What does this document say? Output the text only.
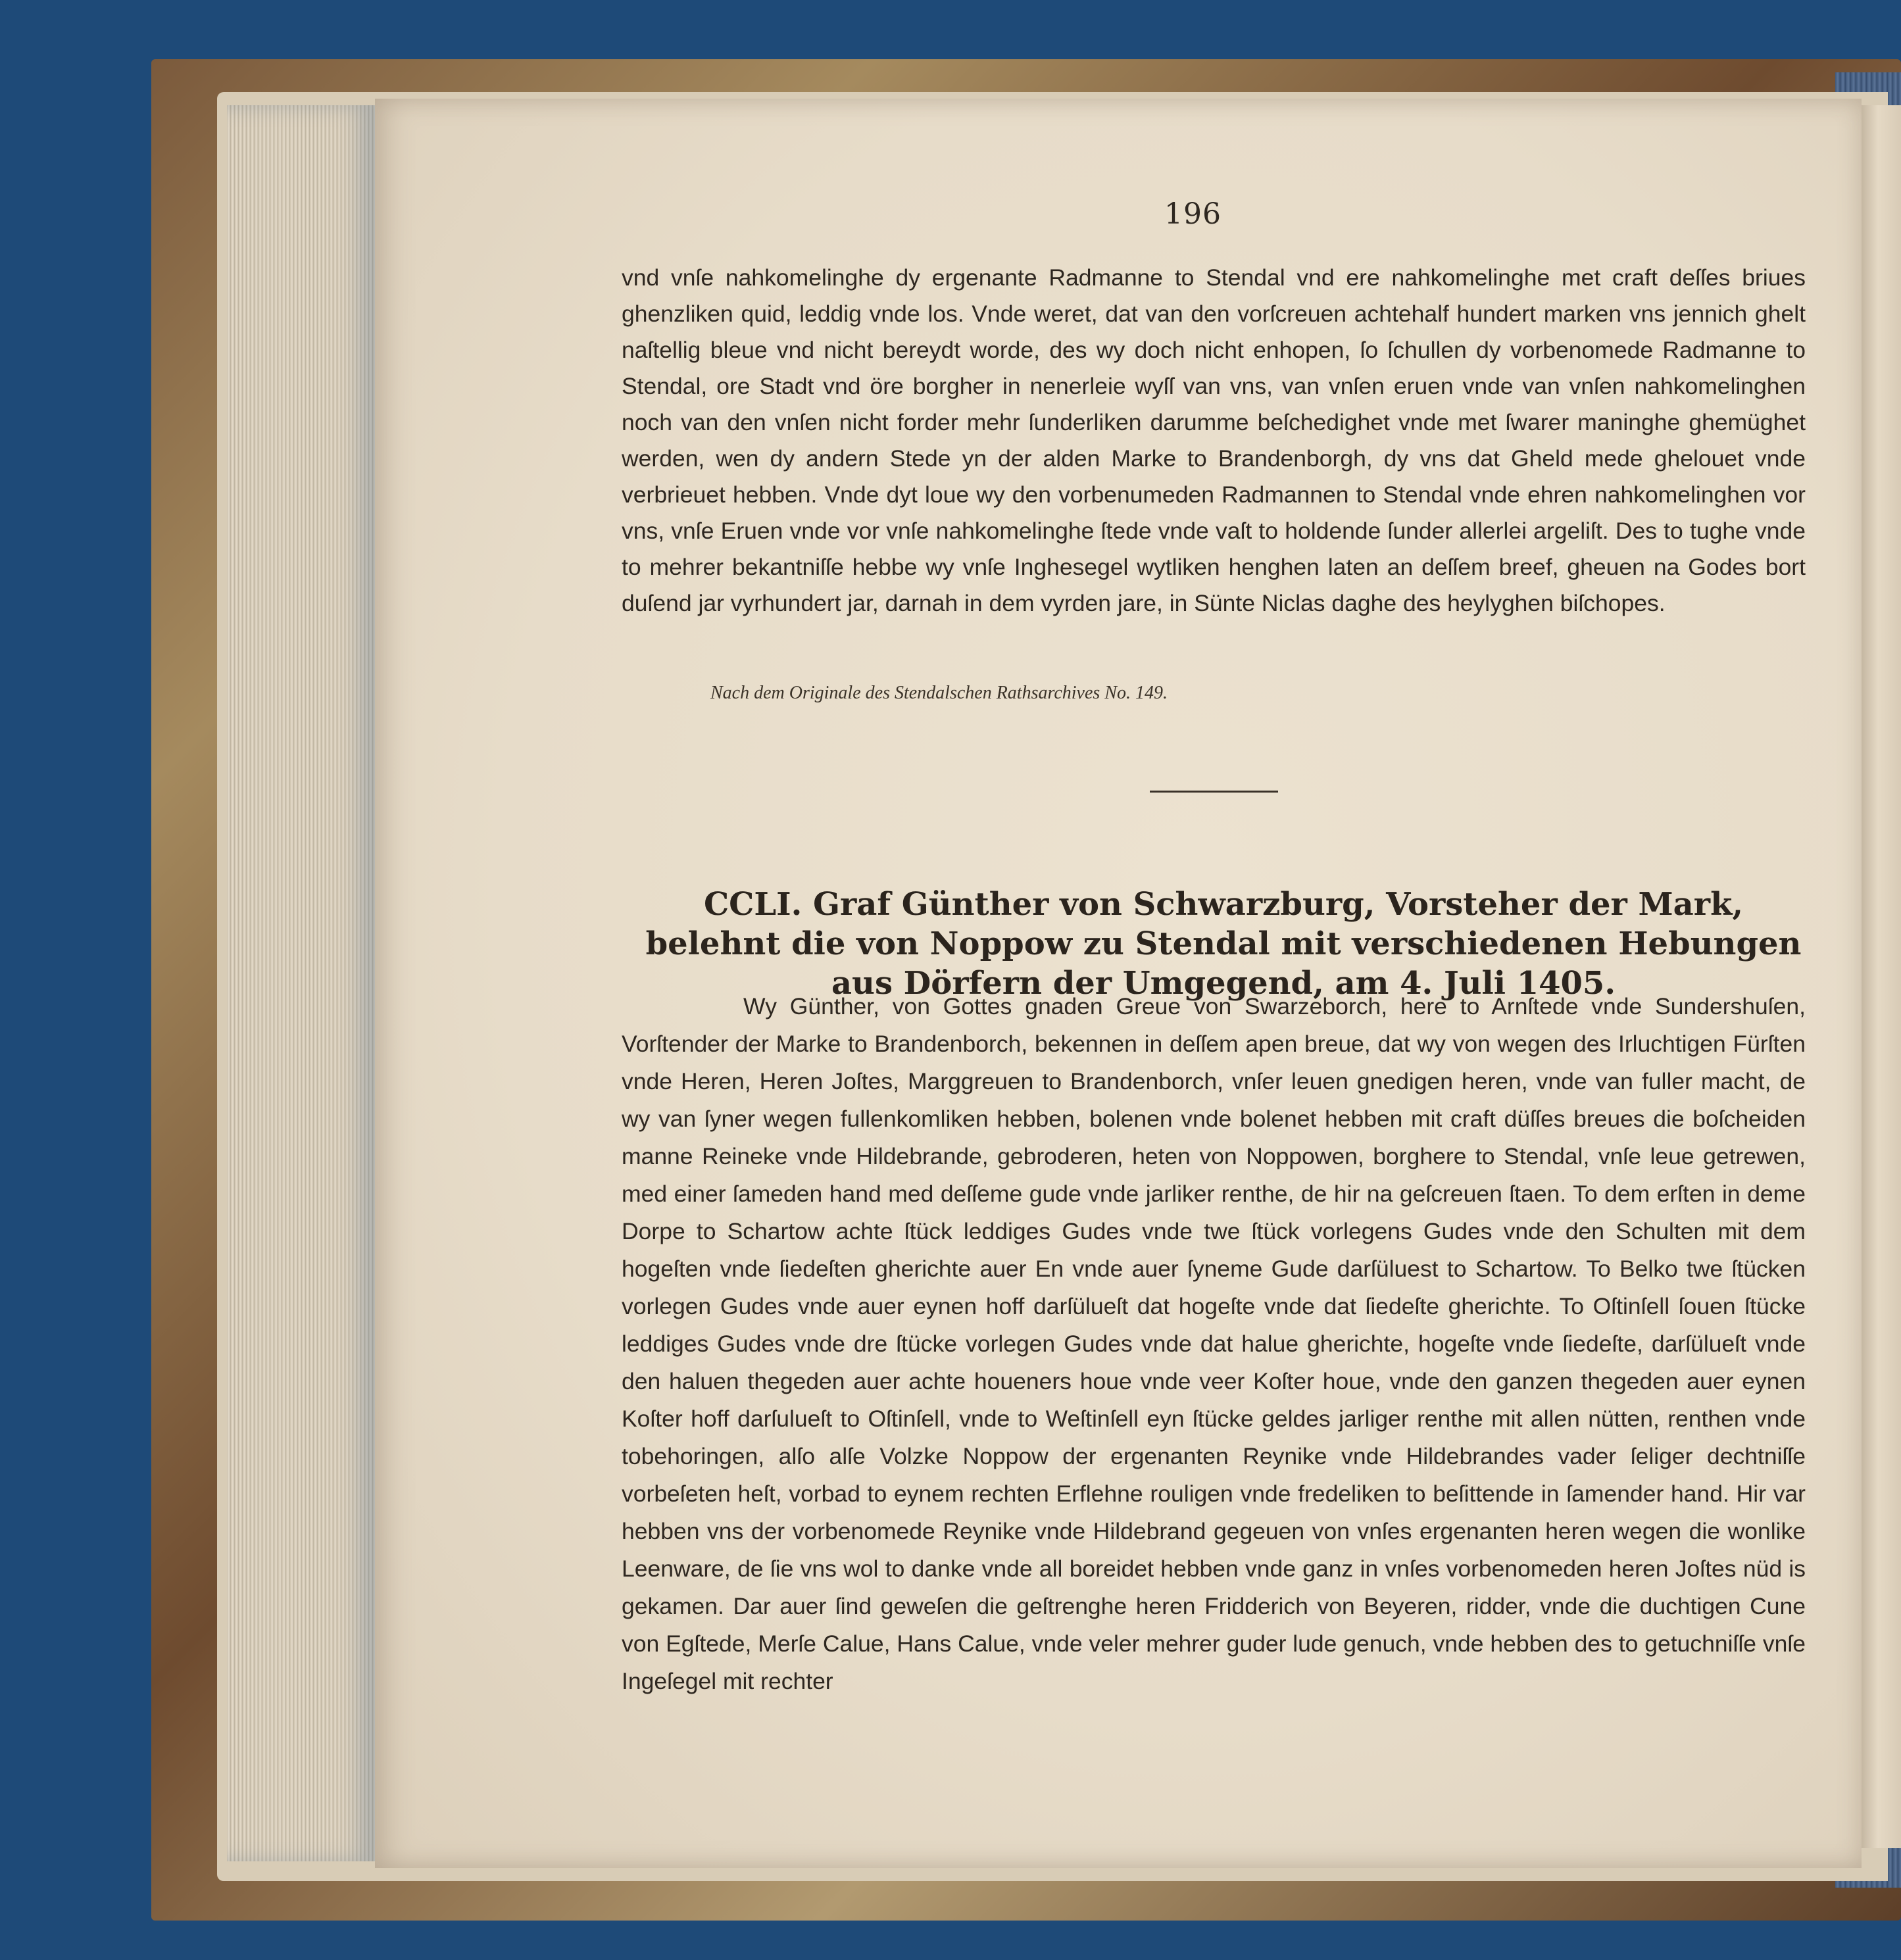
196
vnd vnſe nahkomelinghe dy ergenante Radmanne to Stendal vnd ere nahkomelinghe met craft deſſes briues ghenzliken quid, leddig vnde los. Vnde weret, dat van den vorſcreuen achtehalf hundert marken vns jennich ghelt naſtellig bleue vnd nicht bereydt worde, des wy doch nicht enhopen, ſo ſchullen dy vorbenomede Radmanne to Stendal, ore Stadt vnd öre borgher in nenerleie wyſſ van vns, van vnſen eruen vnde van vnſen nahkomelinghen noch van den vnſen nicht forder mehr ſunderliken darumme beſchedighet vnde met ſwarer maninghe ghemüghet werden, wen dy andern Stede yn der alden Marke to Brandenborgh, dy vns dat Gheld mede ghelouet vnde verbrieuet hebben. Vnde dyt loue wy den vorbenumeden Radmannen to Stendal vnde ehren nahkomelinghen vor vns, vnſe Eruen vnde vor vnſe nahkomelinghe ſtede vnde vaſt to holdende ſunder allerlei argeliſt. Des to tughe vnde to mehrer bekantniſſe hebbe wy vnſe Inghesegel wytliken henghen laten an deſſem breef, gheuen na Godes bort duſend jar vyrhundert jar, darnah in dem vyrden jare, in Sünte Niclas daghe des heylyghen biſchopes.
Nach dem Originale des Stendalschen Rathsarchives No. 149.
CCLI. Graf Günther von Schwarzburg, Vorsteher der Mark, belehnt die von Noppow zu Stendal mit verschiedenen Hebungen aus Dörfern der Umgegend, am 4. Juli 1405.
Wy Günther, von Gottes gnaden Greue von Swarzeborch, here to Arnſtede vnde Sundershuſen, Vorſtender der Marke to Brandenborch, bekennen in deſſem apen breue, dat wy von wegen des Irluchtigen Fürſten vnde Heren, Heren Joſtes, Marggreuen to Brandenborch, vnſer leuen gnedigen heren, vnde van fuller macht, de wy van ſyner wegen fullenkomliken hebben, bolenen vnde bolenet hebben mit craft düſſes breues die boſcheiden manne Reineke vnde Hildebrande, gebroderen, heten von Noppowen, borghere to Stendal, vnſe leue getrewen, med einer ſameden hand med deſſeme gude vnde jarliker renthe, de hir na geſcreuen ſtaen. To dem erſten in deme Dorpe to Schartow achte ſtück leddiges Gudes vnde twe ſtück vorlegens Gudes vnde den Schulten mit dem hogeſten vnde ſiedeſten gherichte auer En vnde auer ſyneme Gude darſüluest to Schartow. To Belko twe ſtücken vorlegen Gudes vnde auer eynen hoff darſülueſt dat hogeſte vnde dat ſiedeſte gherichte. To Oſtinſell ſouen ſtücke leddiges Gudes vnde dre ſtücke vorlegen Gudes vnde dat halue gherichte, hogeſte vnde ſiedeſte, darſülueſt vnde den haluen thegeden auer achte houeners houe vnde veer Koſter houe, vnde den ganzen thegeden auer eynen Koſter hoff darſulueſt to Oſtinſell, vnde to Weſtinſell eyn ſtücke geldes jarliger renthe mit allen nütten, renthen vnde tobehoringen, alſo alſe Volzke Noppow der ergenanten Reynike vnde Hildebrandes vader ſeliger dechtniſſe vorbeſeten heſt, vorbad to eynem rechten Erflehne rouligen vnde fredeliken to beſittende in ſamender hand. Hir var hebben vns der vorbenomede Reynike vnde Hildebrand gegeuen von vnſes ergenanten heren wegen die wonlike Leenware, de ſie vns wol to danke vnde all boreidet hebben vnde ganz in vnſes vorbenomeden heren Joſtes nüd is gekamen. Dar auer ſind geweſen die geſtrenghe heren Fridderich von Beyeren, ridder, vnde die duchtigen Cune von Egſtede, Merſe Calue, Hans Calue, vnde veler mehrer guder lude genuch, vnde hebben des to getuchniſſe vnſe Ingeſegel mit rechter
